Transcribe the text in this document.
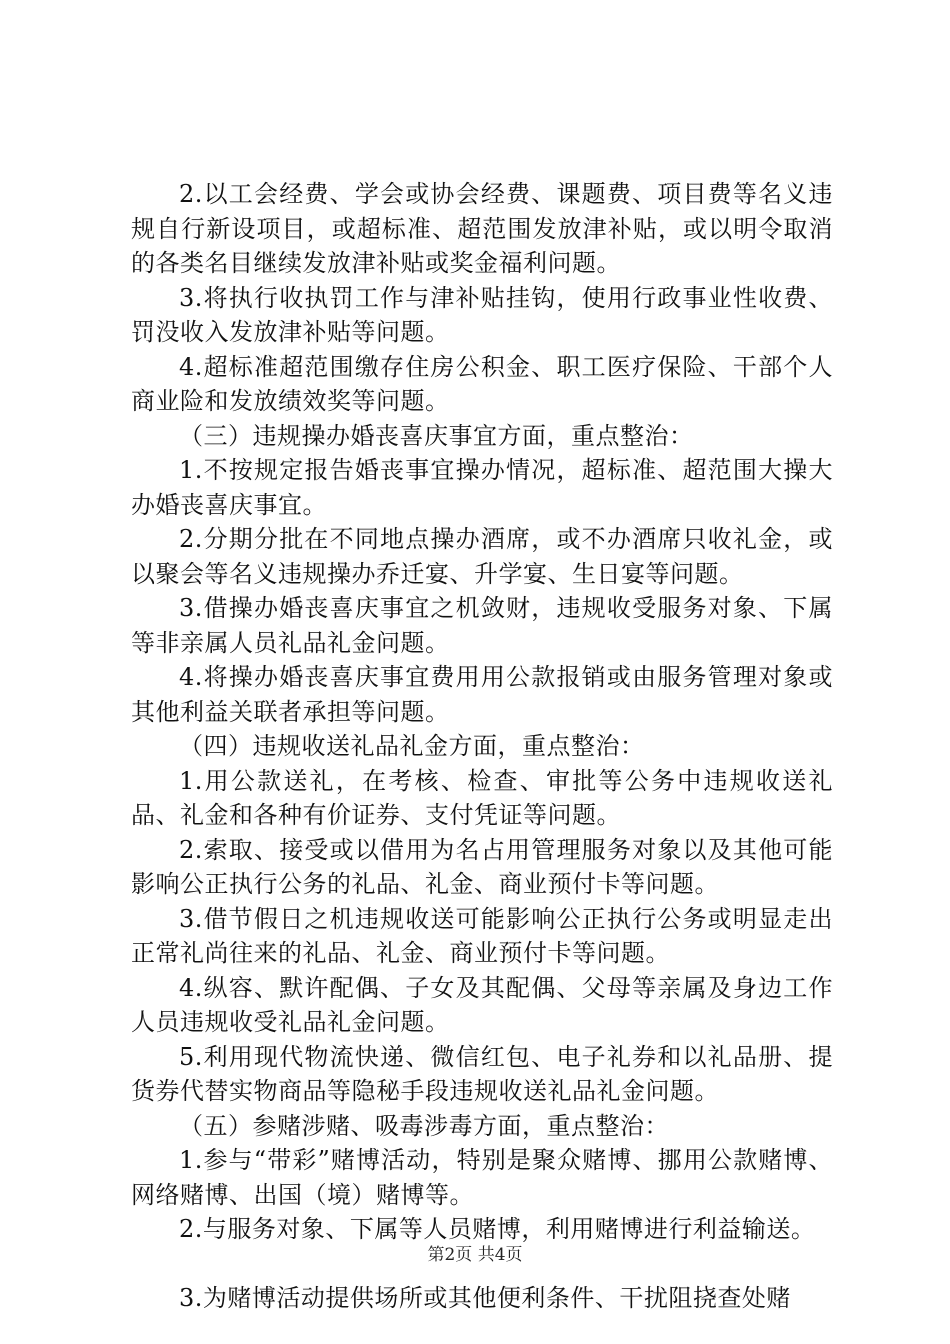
2.以工会经费、学会或协会经费、课题费、项目费等名义违规自行新设项目，或超标准、超范围发放津补贴，或以明令取消的各类名目继续发放津补贴或奖金福利问题。

3.将执行收执罚工作与津补贴挂钩，使用行政事业性收费、罚没收入发放津补贴等问题。

4.超标准超范围缴存住房公积金、职工医疗保险、干部个人商业险和发放绩效奖等问题。

（三）违规操办婚丧喜庆事宜方面，重点整治：

1.不按规定报告婚丧事宜操办情况，超标准、超范围大操大办婚丧喜庆事宜。

2.分期分批在不同地点操办酒席，或不办酒席只收礼金，或以聚会等名义违规操办乔迁宴、升学宴、生日宴等问题。

3.借操办婚丧喜庆事宜之机敛财，违规收受服务对象、下属等非亲属人员礼品礼金问题。

4.将操办婚丧喜庆事宜费用用公款报销或由服务管理对象或其他利益关联者承担等问题。

（四）违规收送礼品礼金方面，重点整治：

1.用公款送礼，在考核、检查、审批等公务中违规收送礼品、礼金和各种有价证券、支付凭证等问题。

2.索取、接受或以借用为名占用管理服务对象以及其他可能影响公正执行公务的礼品、礼金、商业预付卡等问题。

3.借节假日之机违规收送可能影响公正执行公务或明显走出正常礼尚往来的礼品、礼金、商业预付卡等问题。

4.纵容、默许配偶、子女及其配偶、父母等亲属及身边工作人员违规收受礼品礼金问题。

5.利用现代物流快递、微信红包、电子礼券和以礼品册、提货券代替实物商品等隐秘手段违规收送礼品礼金问题。

（五）参赌涉赌、吸毒涉毒方面，重点整治：

1.参与“带彩”赌博活动，特别是聚众赌博、挪用公款赌博、网络赌博、出国（境）赌博等。

2.与服务对象、下属等人员赌博，利用赌博进行利益输送。

3.为赌博活动提供场所或其他便利条件、干扰阻挠查处赌

第2页 共4页
